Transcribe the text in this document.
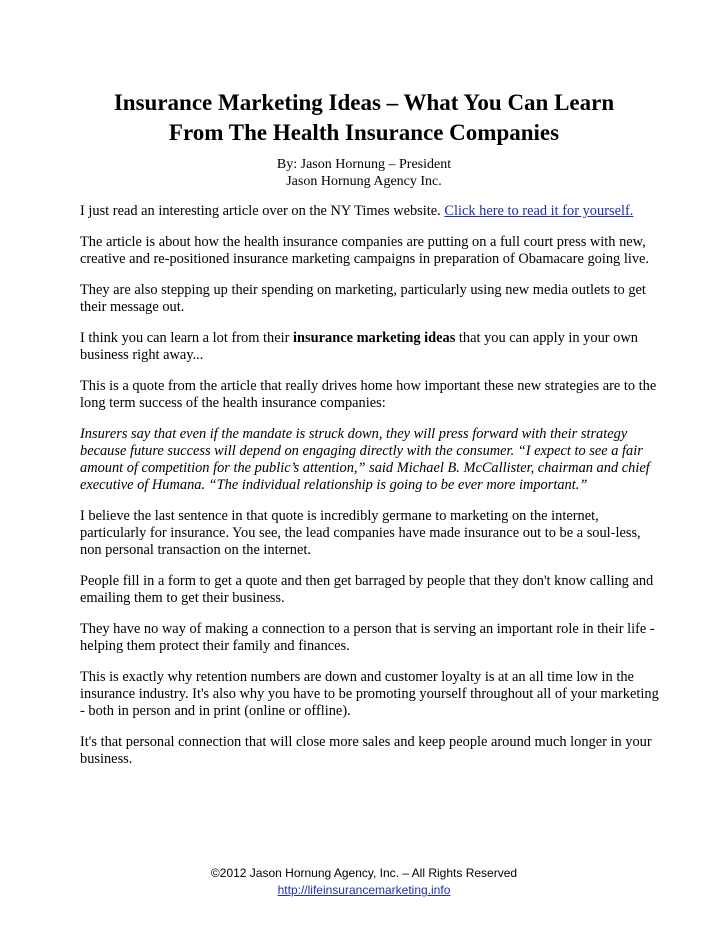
Insurance Marketing Ideas – What You Can Learn
From The Health Insurance Companies
By: Jason Hornung – President
Jason Hornung Agency Inc.

I just read an interesting article over on the NY Times website. Click here to read it for yourself.

The article is about how the health insurance companies are putting on a full court press with new, creative and re-positioned insurance marketing campaigns in preparation of Obamacare going live.

They are also stepping up their spending on marketing, particularly using new media outlets to get their message out.

I think you can learn a lot from their insurance marketing ideas that you can apply in your own business right away...

This is a quote from the article that really drives home how important these new strategies are to the long term success of the health insurance companies:

Insurers say that even if the mandate is struck down, they will press forward with their strategy because future success will depend on engaging directly with the consumer. “I expect to see a fair amount of competition for the public’s attention,” said Michael B. McCallister, chairman and chief executive of Humana. “The individual relationship is going to be ever more important.”

I believe the last sentence in that quote is incredibly germane to marketing on the internet, particularly for insurance. You see, the lead companies have made insurance out to be a soul-less, non personal transaction on the internet.

People fill in a form to get a quote and then get barraged by people that they don't know calling and emailing them to get their business.

They have no way of making a connection to a person that is serving an important role in their life - helping them protect their family and finances.

This is exactly why retention numbers are down and customer loyalty is at an all time low in the insurance industry. It's also why you have to be promoting yourself throughout all of your marketing - both in person and in print (online or offline).

It's that personal connection that will close more sales and keep people around much longer in your business.

©2012 Jason Hornung Agency, Inc. – All Rights Reserved
http://lifeinsurancemarketing.info
